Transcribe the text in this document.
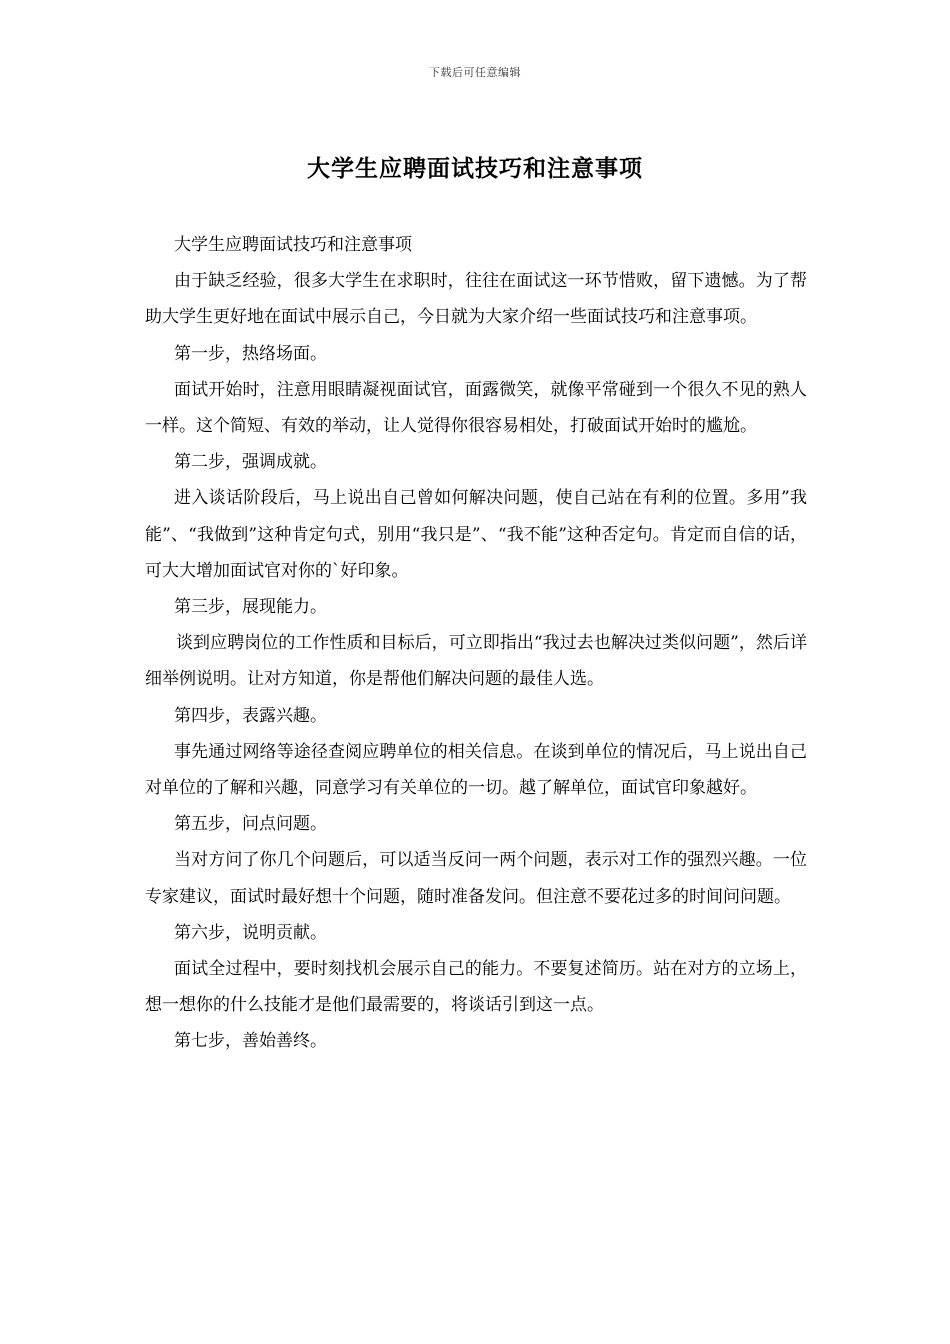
下载后可任意编辑
大学生应聘面试技巧和注意事项

大学生应聘面试技巧和注意事项

由于缺乏经验，很多大学生在求职时，往往在面试这一环节惜败，留下遗憾。为了帮助大学生更好地在面试中展示自己，今日就为大家介绍一些面试技巧和注意事项。

第一步，热络场面。

面试开始时，注意用眼睛凝视面试官，面露微笑，就像平常碰到一个很久不见的熟人一样。这个简短、有效的举动，让人觉得你很容易相处，打破面试开始时的尴尬。

第二步，强调成就。

进入谈话阶段后，马上说出自己曾如何解决问题，使自己站在有利的位置。多用”我能”、“我做到”这种肯定句式，别用“我只是”、“我不能”这种否定句。肯定而自信的话，可大大增加面试官对你的`好印象。

第三步，展现能力。

谈到应聘岗位的工作性质和目标后，可立即指出“我过去也解决过类似问题”，然后详细举例说明。让对方知道，你是帮他们解决问题的最佳人选。

第四步，表露兴趣。

事先通过网络等途径查阅应聘单位的相关信息。在谈到单位的情况后，马上说出自己对单位的了解和兴趣，同意学习有关单位的一切。越了解单位，面试官印象越好。

第五步，问点问题。

当对方问了你几个问题后，可以适当反问一两个问题，表示对工作的强烈兴趣。一位专家建议，面试时最好想十个问题，随时准备发问。但注意不要花过多的时间问问题。

第六步，说明贡献。

面试全过程中，要时刻找机会展示自己的能力。不要复述简历。站在对方的立场上，想一想你的什么技能才是他们最需要的，将谈话引到这一点。

第七步，善始善终。
